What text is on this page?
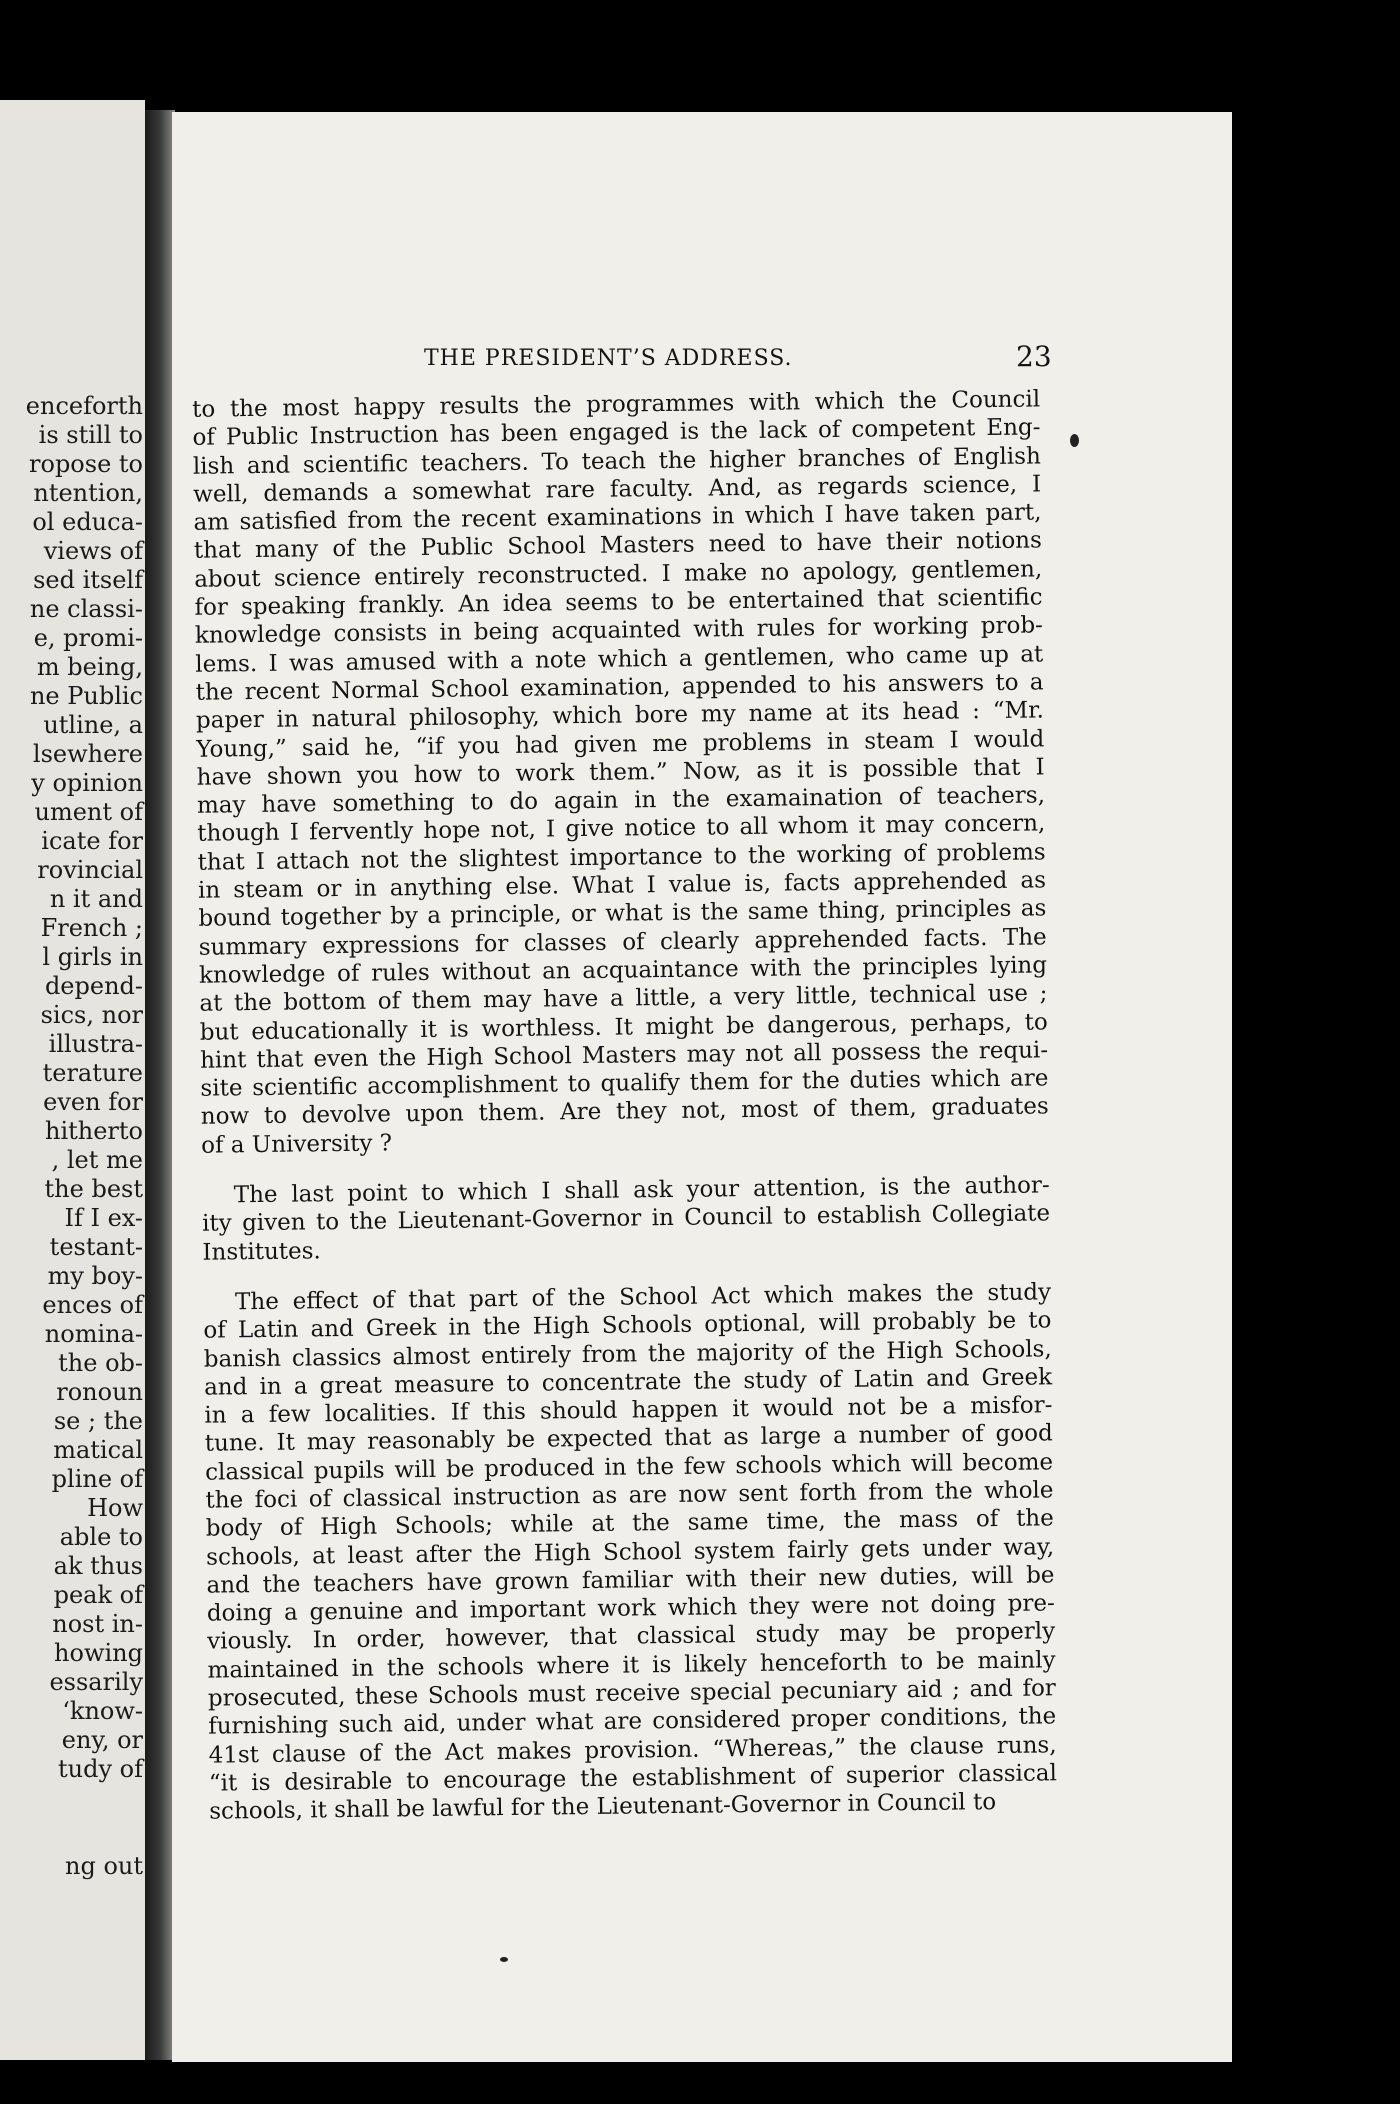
enceforth
is still to
ropose to
ntention,
ol educa-
views of
sed itself
ne classi-
e, promi-
m being,
ne Public
utline, a
lsewhere
y opinion
ument of
icate for
rovincial
n it and
French ;
l girls in
depend-
sics, nor
illustra-
terature
even for
hitherto
, let me
the best
If I ex-
testant-
my boy-
ences of
nomina-
the ob-
ronoun
se ; the
matical
pline of
How
able to
ak thus
peak of
nost in-
howing
essarily
‘know-
eny, or
tudy of
ng out
THE PRESIDENT’S ADDRESS.	23
to the most happy results the programmes with which the Council
of Public Instruction has been engaged is the lack of competent Eng-
lish and scientific teachers. To teach the higher branches of English
well, demands a somewhat rare faculty. And, as regards science, I
am satisfied from the recent examinations in which I have taken part,
that many of the Public School Masters need to have their notions
about science entirely reconstructed. I make no apology, gentlemen,
for speaking frankly. An idea seems to be entertained that scientific
knowledge consists in being acquainted with rules for working prob-
lems. I was amused with a note which a gentlemen, who came up at
the recent Normal School examination, appended to his answers to a
paper in natural philosophy, which bore my name at its head : “Mr.
Young,” said he, “if you had given me problems in steam I would
have shown you how to work them.” Now, as it is possible that I
may have something to do again in the examaination of teachers,
though I fervently hope not, I give notice to all whom it may concern,
that I attach not the slightest importance to the working of problems
in steam or in anything else. What I value is, facts apprehended as
bound together by a principle, or what is the same thing, principles as
summary expressions for classes of clearly apprehended facts. The
knowledge of rules without an acquaintance with the principles lying
at the bottom of them may have a little, a very little, technical use ;
but educationally it is worthless. It might be dangerous, perhaps, to
hint that even the High School Masters may not all possess the requi-
site scientific accomplishment to qualify them for the duties which are
now to devolve upon them. Are they not, most of them, graduates
of a University ?
The last point to which I shall ask your attention, is the author-
ity given to the Lieutenant-Governor in Council to establish Collegiate
Institutes.
The effect of that part of the School Act which makes the study
of Latin and Greek in the High Schools optional, will probably be to
banish classics almost entirely from the majority of the High Schools,
and in a great measure to concentrate the study of Latin and Greek
in a few localities. If this should happen it would not be a misfor-
tune. It may reasonably be expected that as large a number of good
classical pupils will be produced in the few schools which will become
the foci of classical instruction as are now sent forth from the whole
body of High Schools; while at the same time, the mass of the
schools, at least after the High School system fairly gets under way,
and the teachers have grown familiar with their new duties, will be
doing a genuine and important work which they were not doing pre-
viously. In order, however, that classical study may be properly
maintained in the schools where it is likely henceforth to be mainly
prosecuted, these Schools must receive special pecuniary aid ; and for
furnishing such aid, under what are considered proper conditions, the
41st clause of the Act makes provision. “Whereas,” the clause runs,
“it is desirable to encourage the establishment of superior classical
schools, it shall be lawful for the Lieutenant-Governor in Council to
